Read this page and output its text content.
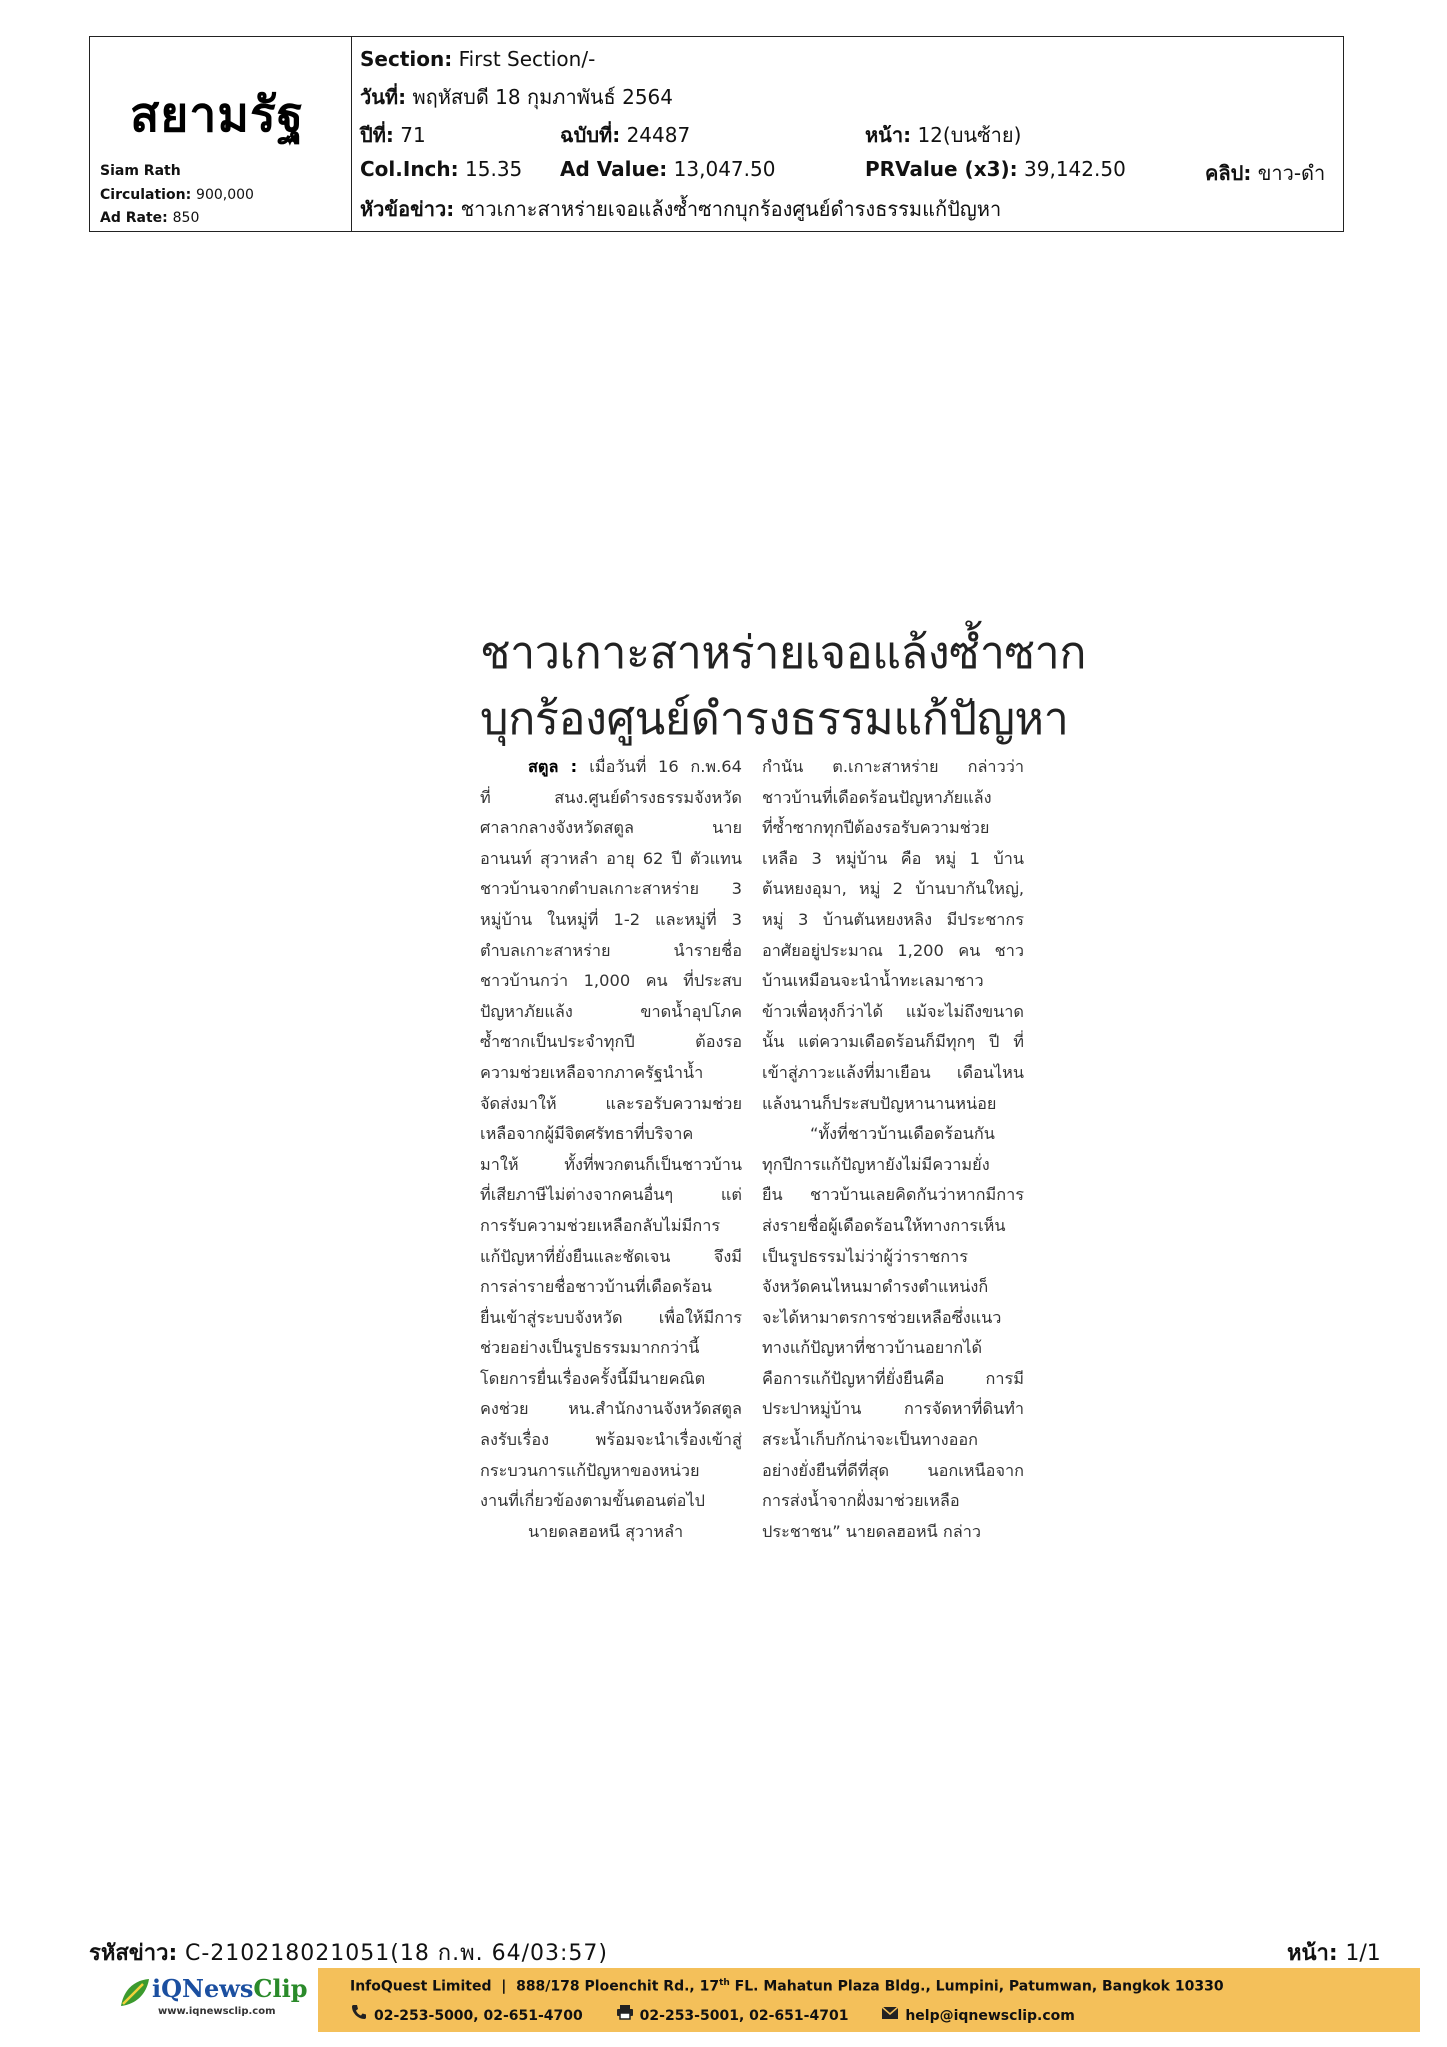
สยามรัฐ
Siam Rath
Circulation: 900,000
Ad Rate: 850
Section: First Section/-
วันที่: พฤหัสบดี 18 กุมภาพันธ์ 2564
ปีที่: 71	ฉบับที่: 24487	หน้า: 12(บนซ้าย)
Col.Inch: 15.35 Ad Value: 13,047.50	PRValue (x3): 39,142.50	คลิป: ขาว-ดำ
หัวข้อข่าว: ชาวเกาะสาหร่ายเจอแล้งซ้ำซากบุกร้องศูนย์ดำรงธรรมแก้ปัญหา
ชาวเกาะสาหร่ายเจอแล้งซ้ำซาก
บุกร้องศูนย์ดำรงธรรมแก้ปัญหา
สตูล : เมื่อวันที่ 16 ก.พ.64
ที่ สนง.ศูนย์ดำรงธรรมจังหวัด
ศาลากลางจังหวัดสตูล นาย
อานนท์ สุวาหลำ อายุ 62 ปี ตัวแทน
ชาวบ้านจากตำบลเกาะสาหร่าย 3
หมู่บ้าน ในหมู่ที่ 1-2 และหมู่ที่ 3
ตำบลเกาะสาหร่าย นำรายชื่อ
ชาวบ้านกว่า 1,000 คน ที่ประสบ
ปัญหาภัยแล้ง ขาดน้ำอุปโภค
ซ้ำซากเป็นประจำทุกปี ต้องรอ
ความช่วยเหลือจากภาครัฐนำน้ำ
จัดส่งมาให้ และรอรับความช่วย
เหลือจากผู้มีจิตศรัทธาที่บริจาค
มาให้ ทั้งที่พวกตนก็เป็นชาวบ้าน
ที่เสียภาษีไม่ต่างจากคนอื่นๆ แต่
การรับความช่วยเหลือกลับไม่มีการ
แก้ปัญหาที่ยั่งยืนและชัดเจน จึงมี
การล่ารายชื่อชาวบ้านที่เดือดร้อน
ยื่นเข้าสู่ระบบจังหวัด เพื่อให้มีการ
ช่วยอย่างเป็นรูปธรรมมากกว่านี้
โดยการยื่นเรื่องครั้งนี้มีนายคณิต
คงช่วย หน.สำนักงานจังหวัดสตูล
ลงรับเรื่อง พร้อมจะนำเรื่องเข้าสู่
กระบวนการแก้ปัญหาของหน่วย
งานที่เกี่ยวข้องตามขั้นตอนต่อไป
นายดลฮอหนี สุวาหลำ
กำนัน ต.เกาะสาหร่าย กล่าวว่า
ชาวบ้านที่เดือดร้อนปัญหาภัยแล้ง
ที่ซ้ำซากทุกปีต้องรอรับความช่วย
เหลือ 3 หมู่บ้าน คือ หมู่ 1 บ้าน
ต้นหยงอุมา, หมู่ 2 บ้านบากันใหญ่,
หมู่ 3 บ้านตันหยงหลิง มีประชากร
อาศัยอยู่ประมาณ 1,200 คน ชาว
บ้านเหมือนจะนำน้ำทะเลมาชาว
ข้าวเพื่อหุงก็ว่าได้ แม้จะไม่ถึงขนาด
นั้น แต่ความเดือดร้อนก็มีทุกๆ ปี ที่
เข้าสู่ภาวะแล้งที่มาเยือน เดือนไหน
แล้งนานก็ประสบปัญหานานหน่อย
“ทั้งที่ชาวบ้านเดือดร้อนกัน
ทุกปีการแก้ปัญหายังไม่มีความยั่ง
ยืน ชาวบ้านเลยคิดกันว่าหากมีการ
ส่งรายชื่อผู้เดือดร้อนให้ทางการเห็น
เป็นรูปธรรมไม่ว่าผู้ว่าราชการ
จังหวัดคนไหนมาดำรงตำแหน่งก็
จะได้หามาตรการช่วยเหลือซึ่งแนว
ทางแก้ปัญหาที่ชาวบ้านอยากได้
คือการแก้ปัญหาที่ยั่งยืนคือ การมี
ประปาหมู่บ้าน การจัดหาที่ดินทำ
สระน้ำเก็บกักน่าจะเป็นทางออก
อย่างยั่งยืนที่ดีที่สุด นอกเหนือจาก
การส่งน้ำจากฝั่งมาช่วยเหลือ
ประชาชน” นายดลฮอหนี กล่าว
รหัสข่าว: C-210218021051(18 ก.พ. 64/03:57)	หน้า: 1/1
iQNewsClip
www.iqnewsclip.com
InfoQuest Limited  |  888/178 Ploenchit Rd., 17th FL. Mahatun Plaza Bldg., Lumpini, Patumwan, Bangkok 10330
02-253-5000, 02-651-4700	02-253-5001, 02-651-4701	help@iqnewsclip.com
